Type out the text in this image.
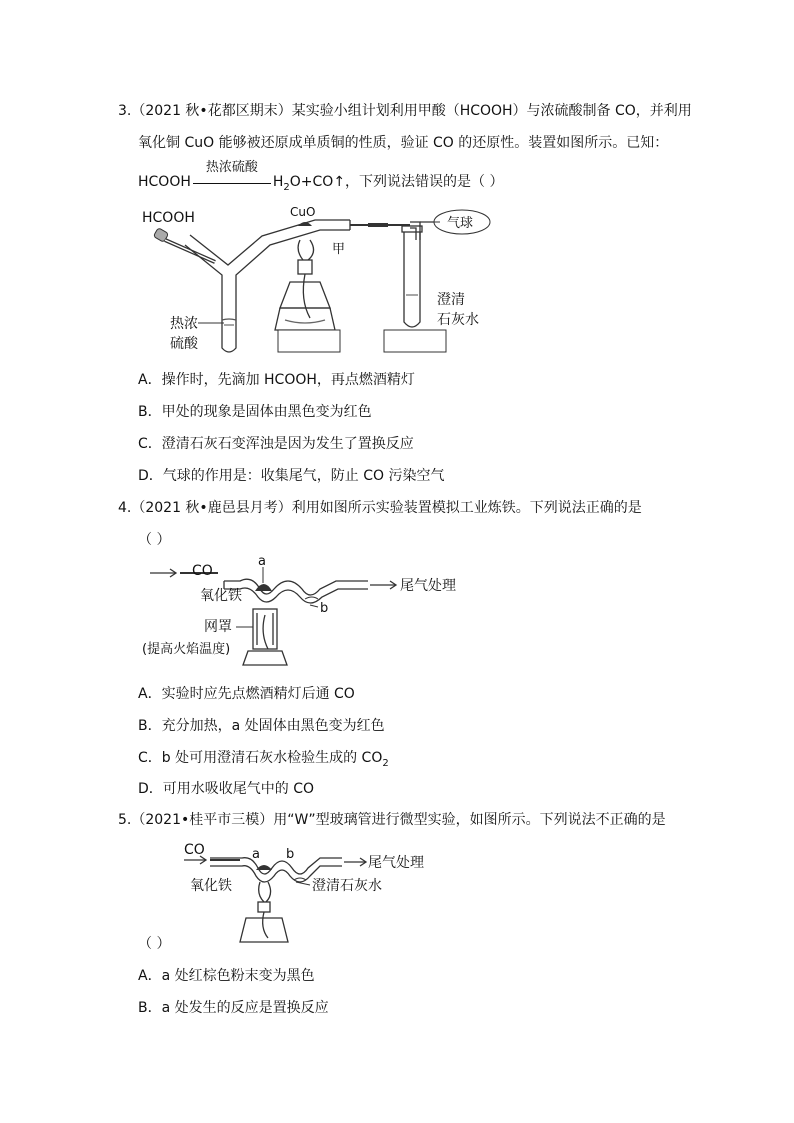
3.（2021 秋•花都区期末）某实验小组计划利用甲酸（HCOOH）与浓硫酸制备 CO，并利用
氧化铜 CuO 能够被还原成单质铜的性质，验证 CO 的还原性。装置如图所示。已知：
HCOOH
热浓硫酸
$H_2O+CO↑$，下列说法错误的是（ ）
HCOOH	CuO
甲
气球
澄清
石灰水
热浓
硫酸
A．操作时，先滴加 HCOOH，再点燃酒精灯
B．甲处的现象是固体由黑色变为红色
C．澄清石灰石变浑浊是因为发生了置换反应
D．气球的作用是：收集尾气，防止 CO 污染空气
4.（2021 秋•鹿邑县月考）利用如图所示实验装置模拟工业炼铁。下列说法正确的是
（ ）
CO
a
尾气处理
氧化铁
b
网罩
(提高火焰温度)
A．实验时应先点燃酒精灯后通 CO
B．充分加热，a 处固体由黑色变为红色
C．b 处可用澄清石灰水检验生成的 $CO_2$
D．可用水吸收尾气中的 CO
5.（2021•桂平市三模）用“W”型玻璃管进行微型实验，如图所示。下列说法不正确的是
CO	a b
尾气处理
氧化铁	澄清石灰水
（ ）
A．a 处红棕色粉末变为黑色
B．a 处发生的反应是置换反应
